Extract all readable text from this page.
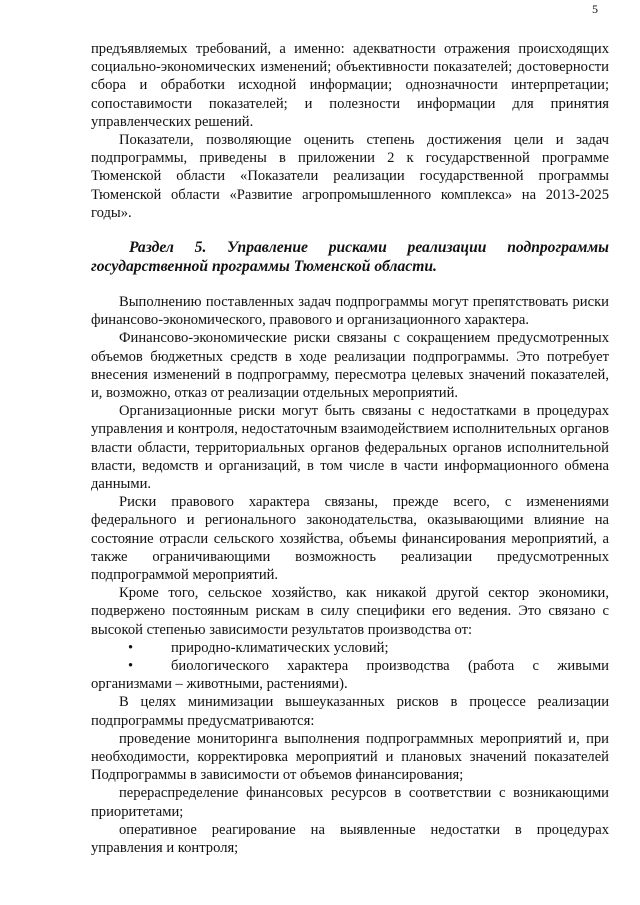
5

предъявляемых требований, а именно: адекватности отражения происходящих социально-экономических изменений; объективности показателей; достоверности сбора и обработки исходной информации; однозначности интерпретации; сопоставимости показателей; и полезности информации для принятия управленческих решений.

Показатели, позволяющие оценить степень достижения цели и задач подпрограммы, приведены в приложении 2 к государственной программе Тюменской области «Показатели реализации государственной программы Тюменской области «Развитие агропромышленного комплекса» на 2013-2025 годы».

Раздел 5. Управление рисками реализации подпрограммы государственной программы Тюменской области.

Выполнению поставленных задач подпрограммы могут препятствовать риски финансово-экономического, правового и организационного характера.

Финансово-экономические риски связаны с сокращением предусмотренных объемов бюджетных средств в ходе реализации подпрограммы. Это потребует внесения изменений в подпрограмму, пересмотра целевых значений показателей, и, возможно, отказ от реализации отдельных мероприятий.

Организационные риски могут быть связаны с недостатками в процедурах управления и контроля, недостаточным взаимодействием исполнительных органов власти области, территориальных органов федеральных органов исполнительной власти, ведомств и организаций, в том числе в части информационного обмена данными.

Риски правового характера связаны, прежде всего, с изменениями федерального и регионального законодательства, оказывающими влияние на состояние отрасли сельского хозяйства, объемы финансирования мероприятий, а также ограничивающими возможность реализации предусмотренных подпрограммой мероприятий.

Кроме того, сельское хозяйство, как никакой другой сектор экономики, подвержено постоянным рискам в силу специфики его ведения. Это связано с высокой степенью зависимости результатов производства от:

•	природно-климатических условий;

•	биологического характера производства (работа с живыми организмами – животными, растениями).

В целях минимизации вышеуказанных рисков в процессе реализации подпрограммы предусматриваются:

проведение мониторинга выполнения подпрограммных мероприятий и, при необходимости, корректировка мероприятий и плановых значений показателей Подпрограммы в зависимости от объемов финансирования;

перераспределение финансовых ресурсов в соответствии с возникающими приоритетами;

оперативное реагирование на выявленные недостатки в процедурах управления и контроля;
